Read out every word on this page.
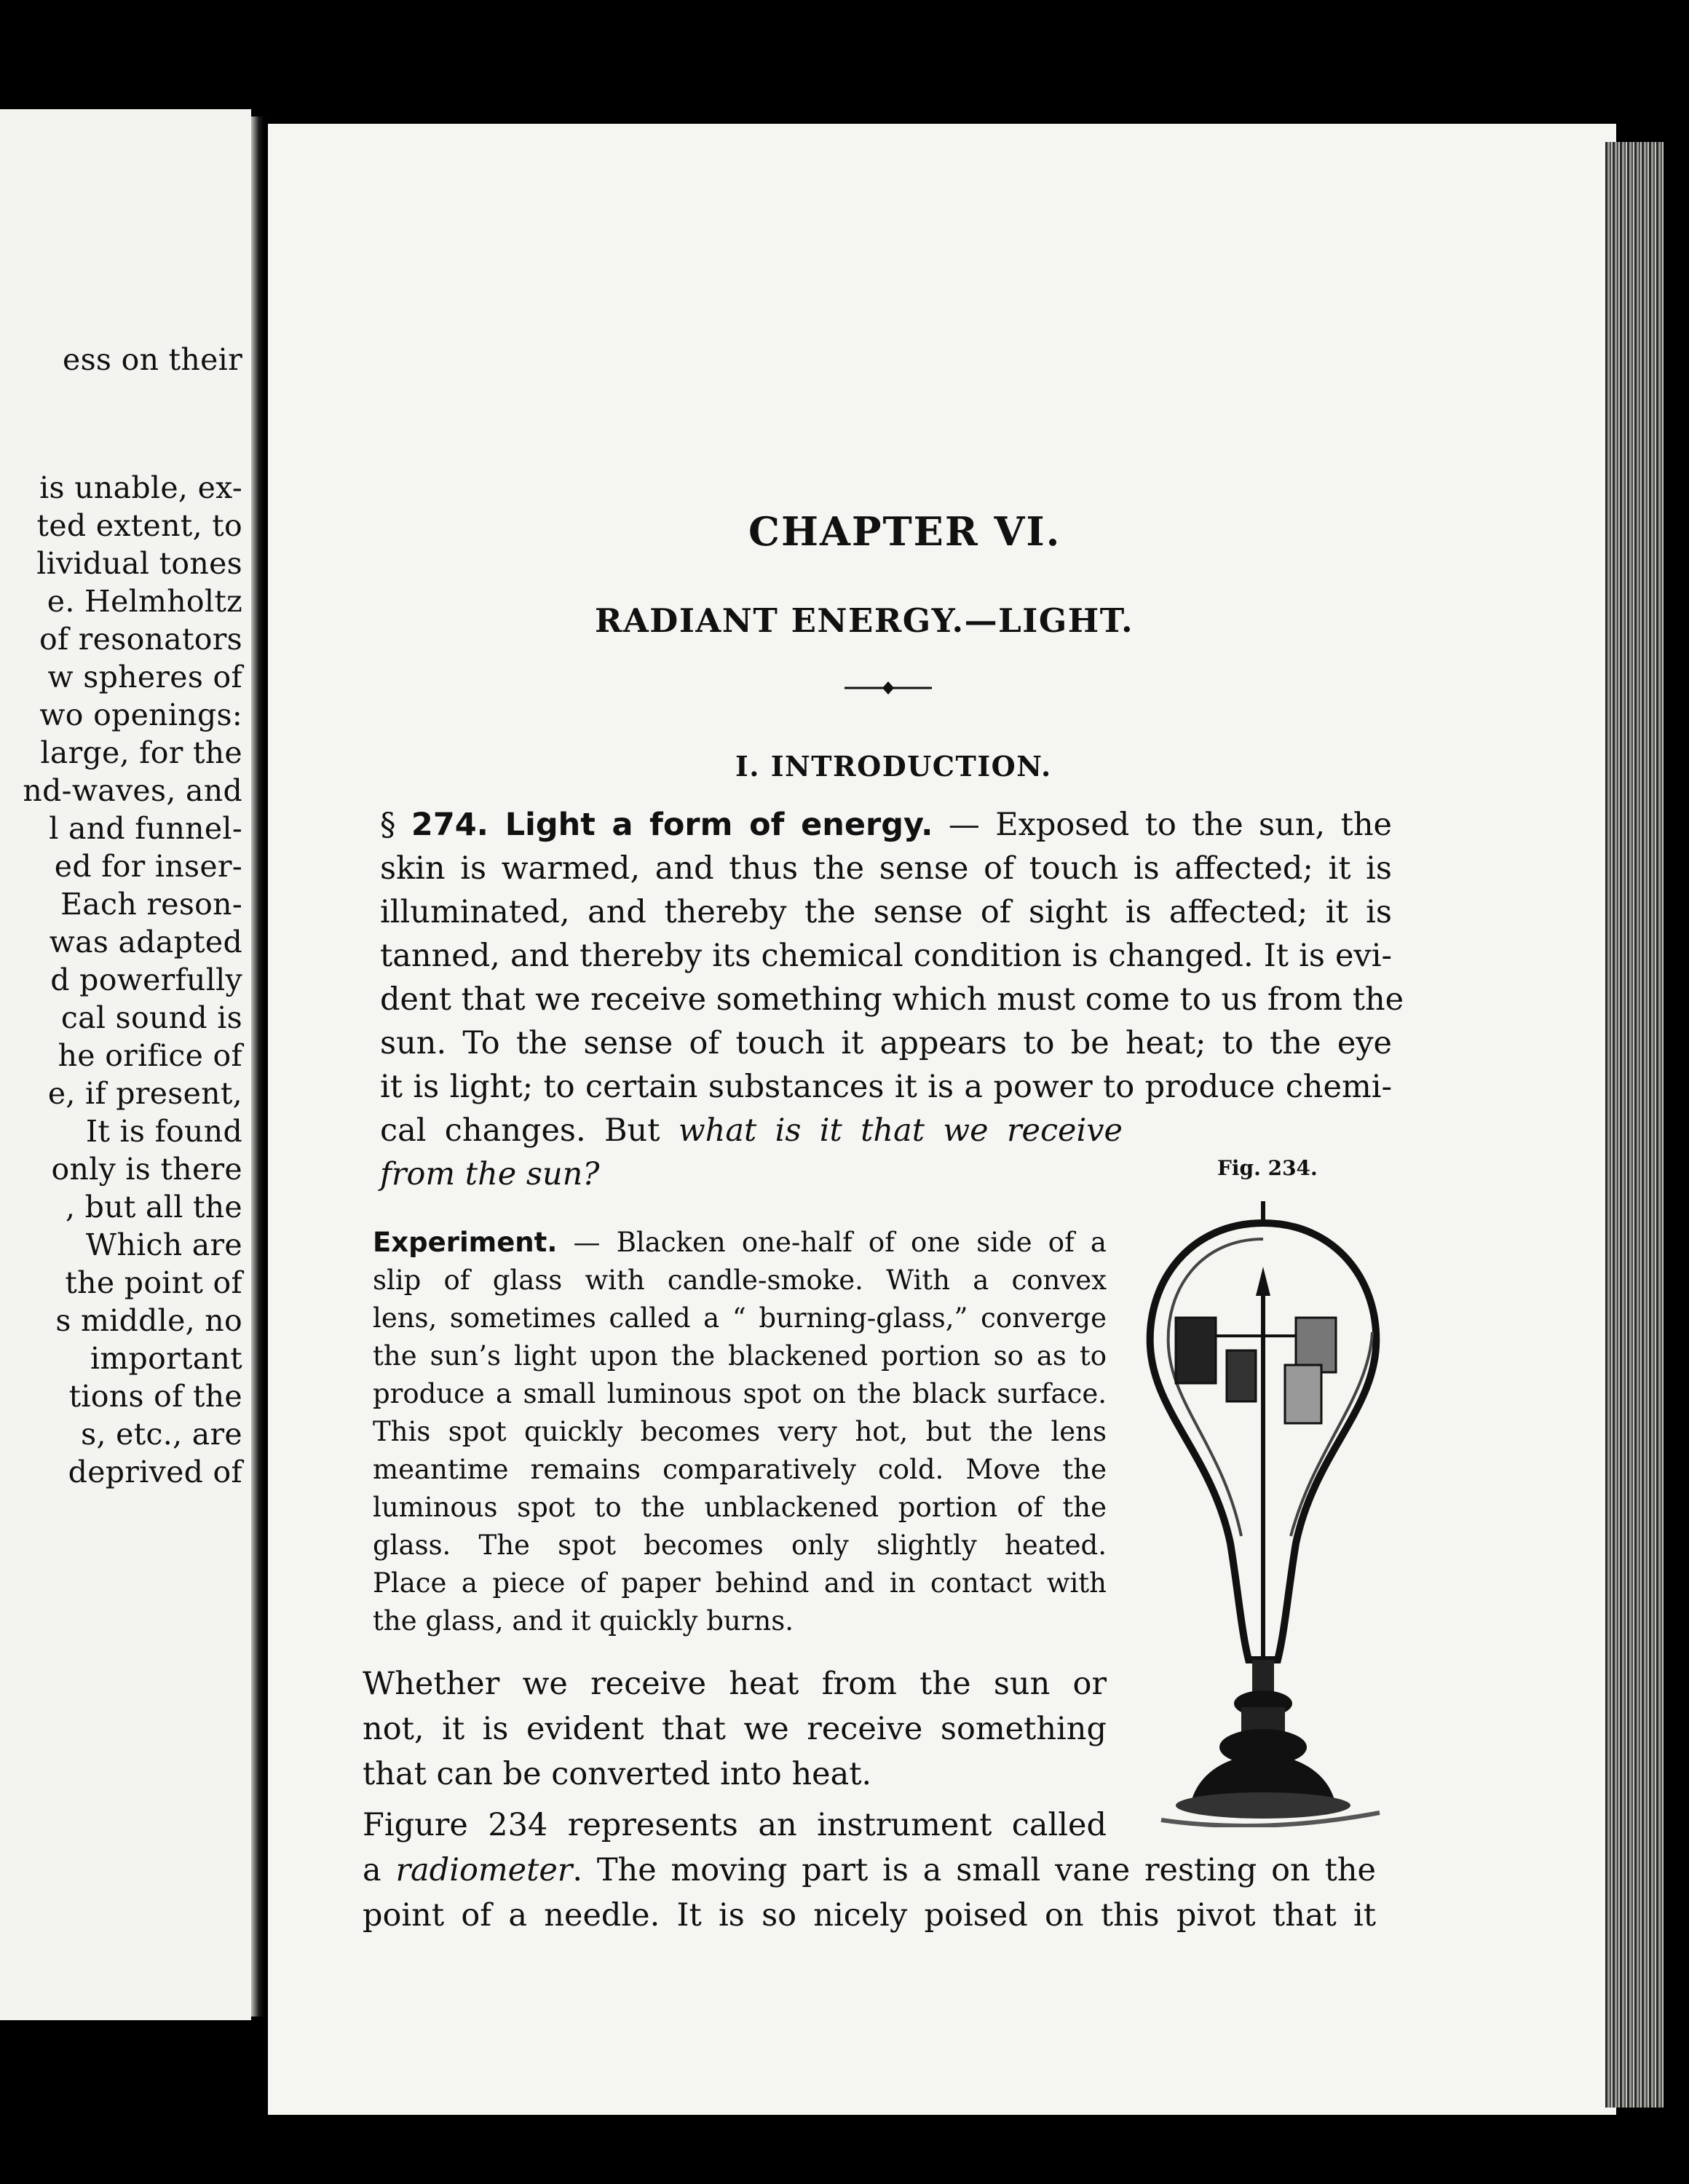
ess on their
is unable, ex-
ted extent, to
lividual tones
e. Helmholtz
of resonators
w spheres of
wo openings:
large, for the
nd-waves, and
l and funnel-
ed for inser-
Each reson-
was adapted
d powerfully
cal sound is
he orifice of
e, if present,
It is found
only is there
, but all the
Which are
the point of
s middle, no
important
tions of the
s, etc., are
deprived of
CHAPTER VI.
RADIANT ENERGY.—LIGHT.
I. INTRODUCTION.
§ 274. Light a form of energy. — Exposed to the sun, the
skin is warmed, and thus the sense of touch is affected; it is
illuminated, and thereby the sense of sight is affected; it is
tanned, and thereby its chemical condition is changed. It is evi-
dent that we receive something which must come to us from the
sun. To the sense of touch it appears to be heat; to the eye
it is light; to certain substances it is a power to produce chemi-
cal changes. But what is it that we receive
from the sun?
Experiment. — Blacken one-half of one side of a
slip of glass with candle-smoke. With a convex
lens, sometimes called a “ burning-glass,” converge
the sun’s light upon the blackened portion so as to
produce a small luminous spot on the black surface.
This spot quickly becomes very hot, but the lens
meantime remains comparatively cold. Move the
luminous spot to the unblackened portion of the
glass. The spot becomes only slightly heated.
Place a piece of paper behind and in contact with
the glass, and it quickly burns.
Whether we receive heat from the sun or
not, it is evident that we receive something
that can be converted into heat.
Figure 234 represents an instrument called
a radiometer. The moving part is a small vane resting on the
point of a needle. It is so nicely poised on this pivot that it
Fig. 234.
